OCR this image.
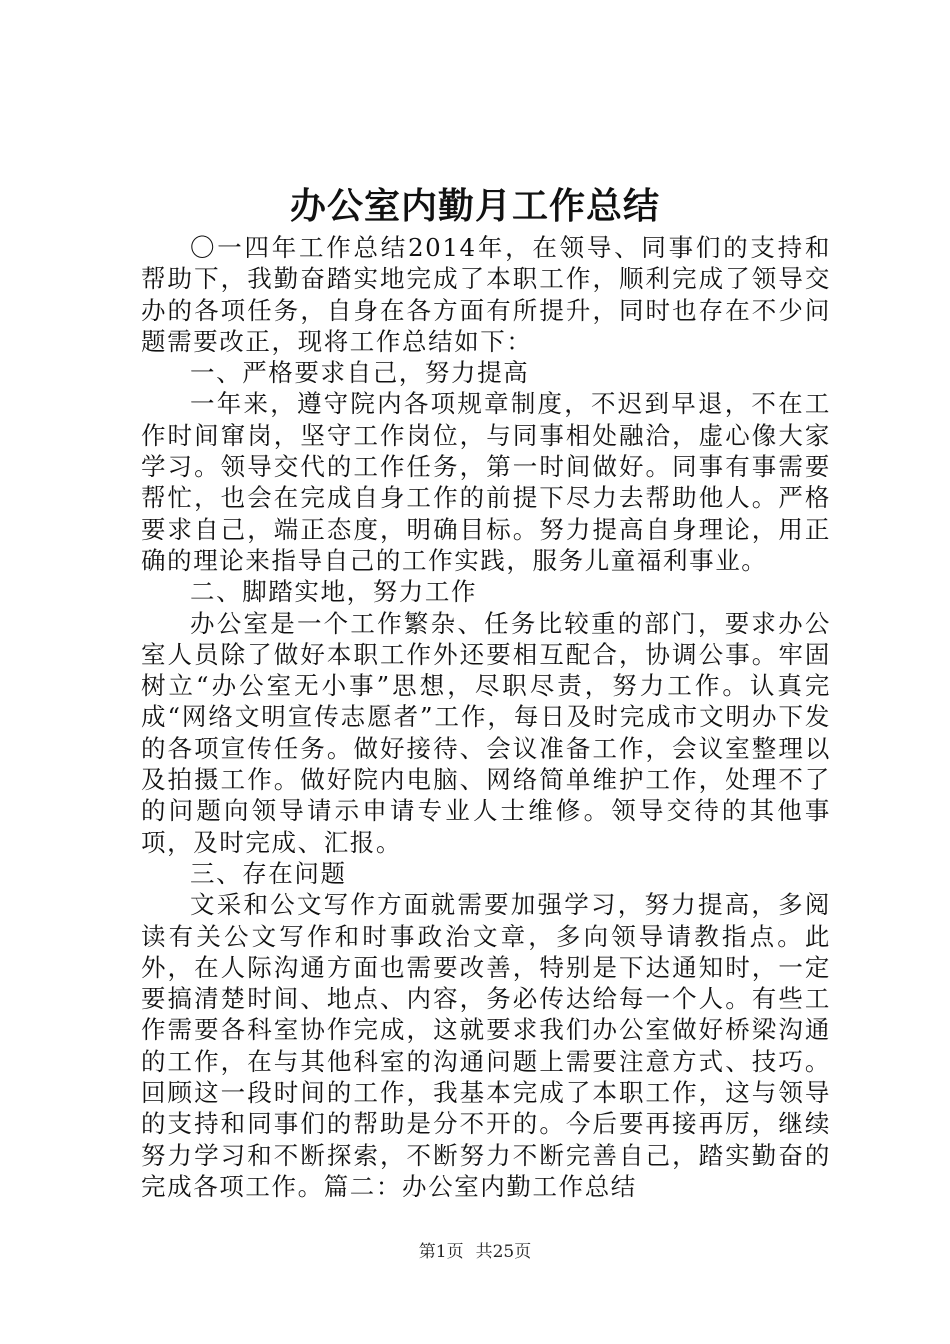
办公室内勤月工作总结

〇一四年工作总结2014年，在领导、同事们的支持和帮助下，我勤奋踏实地完成了本职工作，顺利完成了领导交办的各项任务，自身在各方面有所提升，同时也存在不少问题需要改正，现将工作总结如下：

一、严格要求自己，努力提高

一年来，遵守院内各项规章制度，不迟到早退，不在工作时间窜岗，坚守工作岗位，与同事相处融洽，虚心像大家学习。领导交代的工作任务，第一时间做好。同事有事需要帮忙，也会在完成自身工作的前提下尽力去帮助他人。严格要求自己，端正态度，明确目标。努力提高自身理论，用正确的理论来指导自己的工作实践，服务儿童福利事业。

二、脚踏实地，努力工作

办公室是一个工作繁杂、任务比较重的部门，要求办公室人员除了做好本职工作外还要相互配合，协调公事。牢固树立“办公室无小事”思想，尽职尽责，努力工作。认真完成“网络文明宣传志愿者”工作，每日及时完成市文明办下发的各项宣传任务。做好接待、会议准备工作，会议室整理以及拍摄工作。做好院内电脑、网络简单维护工作，处理不了的问题向领导请示申请专业人士维修。领导交待的其他事项，及时完成、汇报。

三、存在问题

文采和公文写作方面就需要加强学习，努力提高，多阅读有关公文写作和时事政治文章，多向领导请教指点。此外，在人际沟通方面也需要改善，特别是下达通知时，一定要搞清楚时间、地点、内容，务必传达给每一个人。有些工作需要各科室协作完成，这就要求我们办公室做好桥梁沟通的工作，在与其他科室的沟通问题上需要注意方式、技巧。回顾这一段时间的工作，我基本完成了本职工作，这与领导的支持和同事们的帮助是分不开的。今后要再接再厉，继续努力学习和不断探索，不断努力不断完善自己，踏实勤奋的完成各项工作。篇二：办公室内勤工作总结

第1页 共25页
